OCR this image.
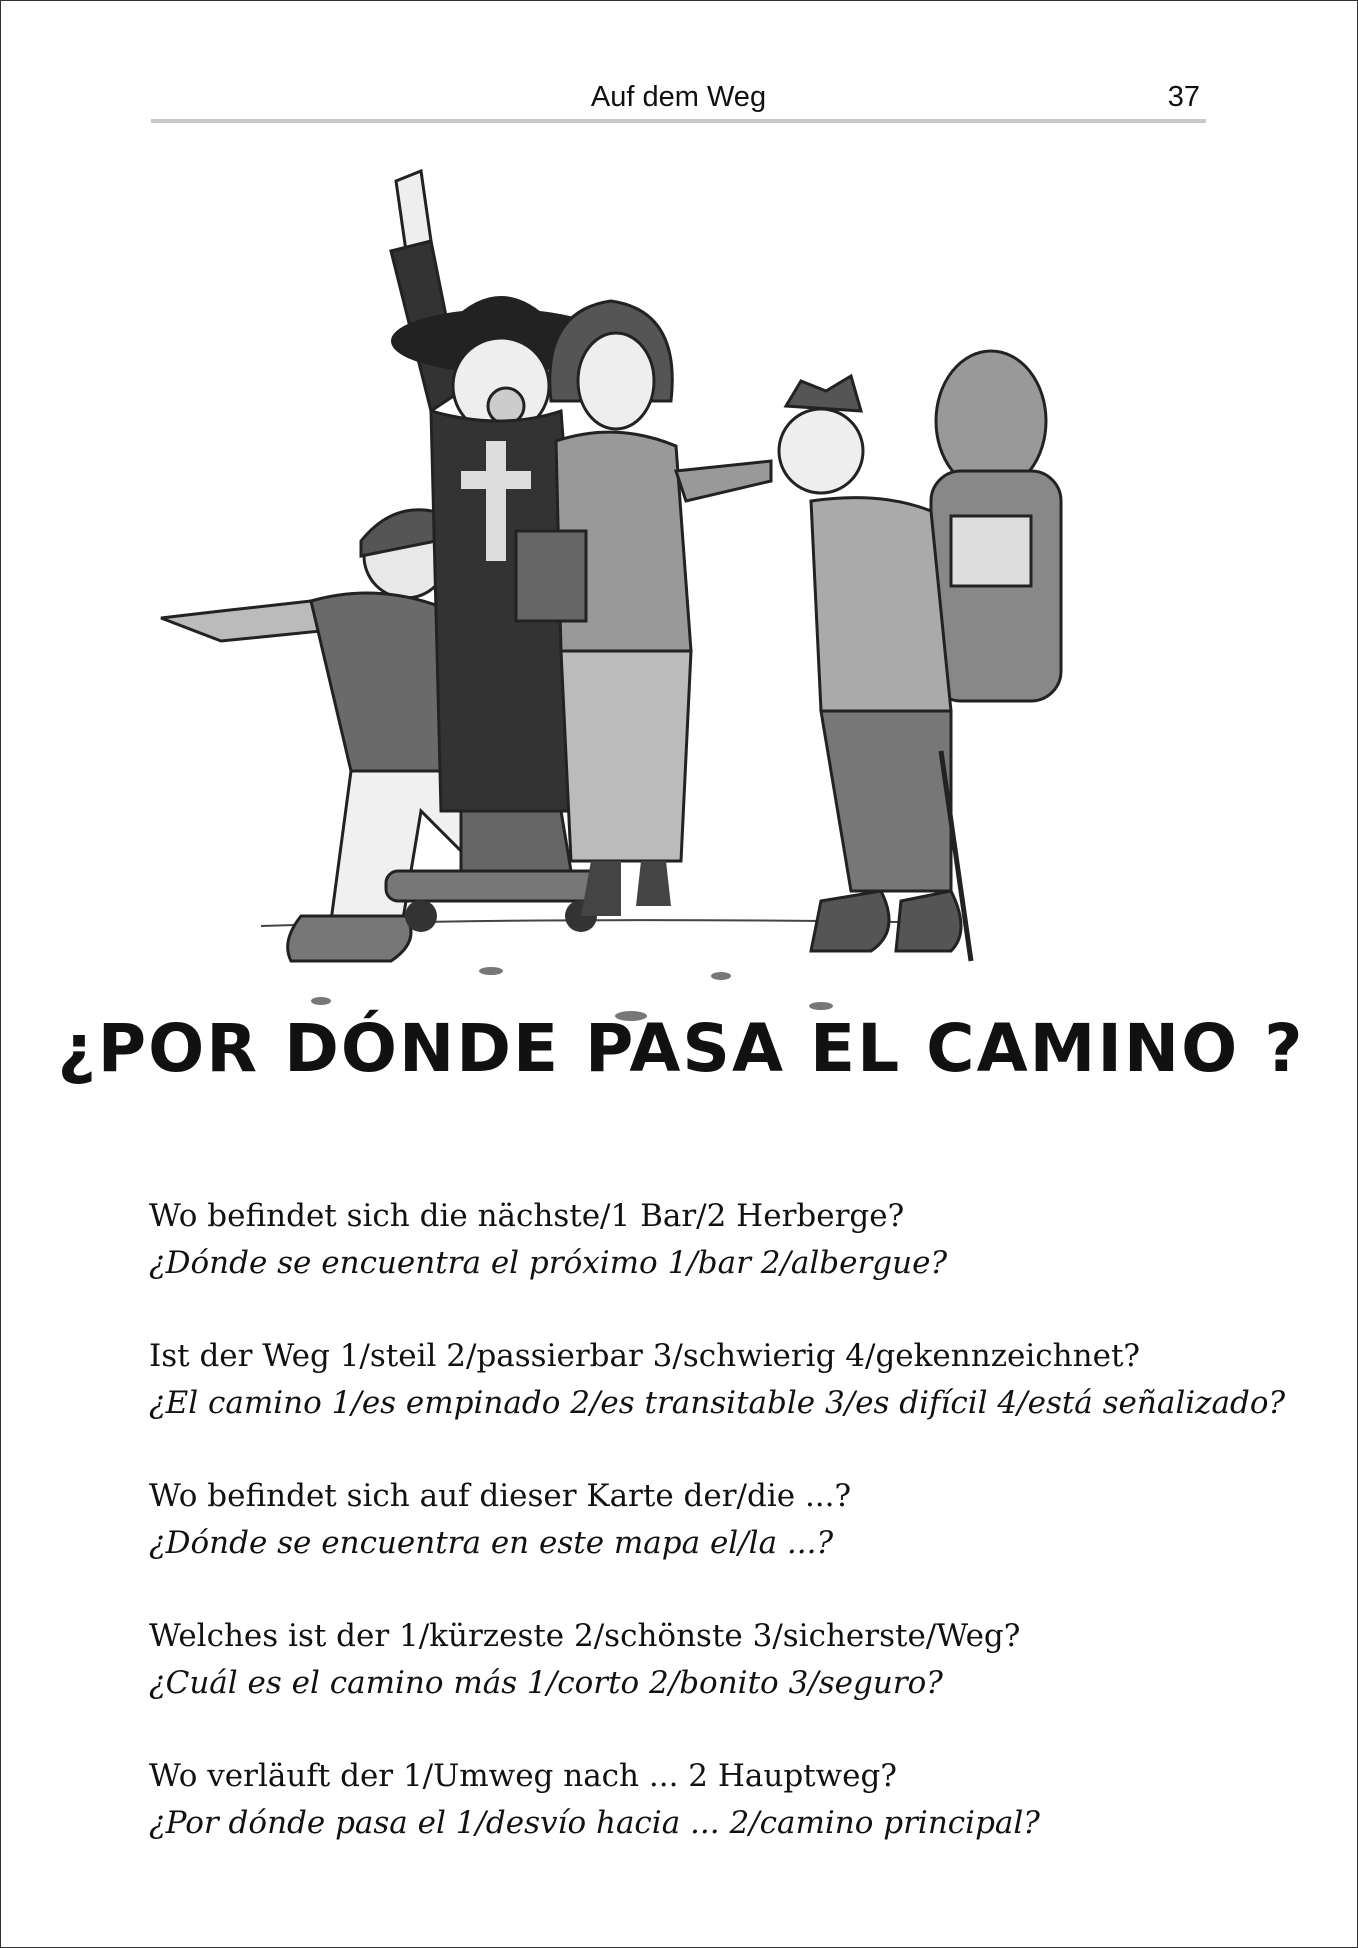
Auf dem Weg	37
¿POR DÓNDE PASA EL CAMINO ?
Wo befindet sich die nächste/1 Bar/2 Herberge?
¿Dónde se encuentra el próximo 1/bar 2/albergue?
Ist der Weg 1/steil 2/passierbar 3/schwierig 4/gekennzeichnet?
¿El camino 1/es empinado 2/es transitable 3/es difícil 4/está señalizado?
Wo befindet sich auf dieser Karte der/die ...?
¿Dónde se encuentra en este mapa el/la ...?
Welches ist der 1/kürzeste 2/schönste 3/sicherste/Weg?
¿Cuál es el camino más 1/corto 2/bonito 3/seguro?
Wo verläuft der 1/Umweg nach ... 2 Hauptweg?
¿Por dónde pasa el 1/desvío hacia ... 2/camino principal?
